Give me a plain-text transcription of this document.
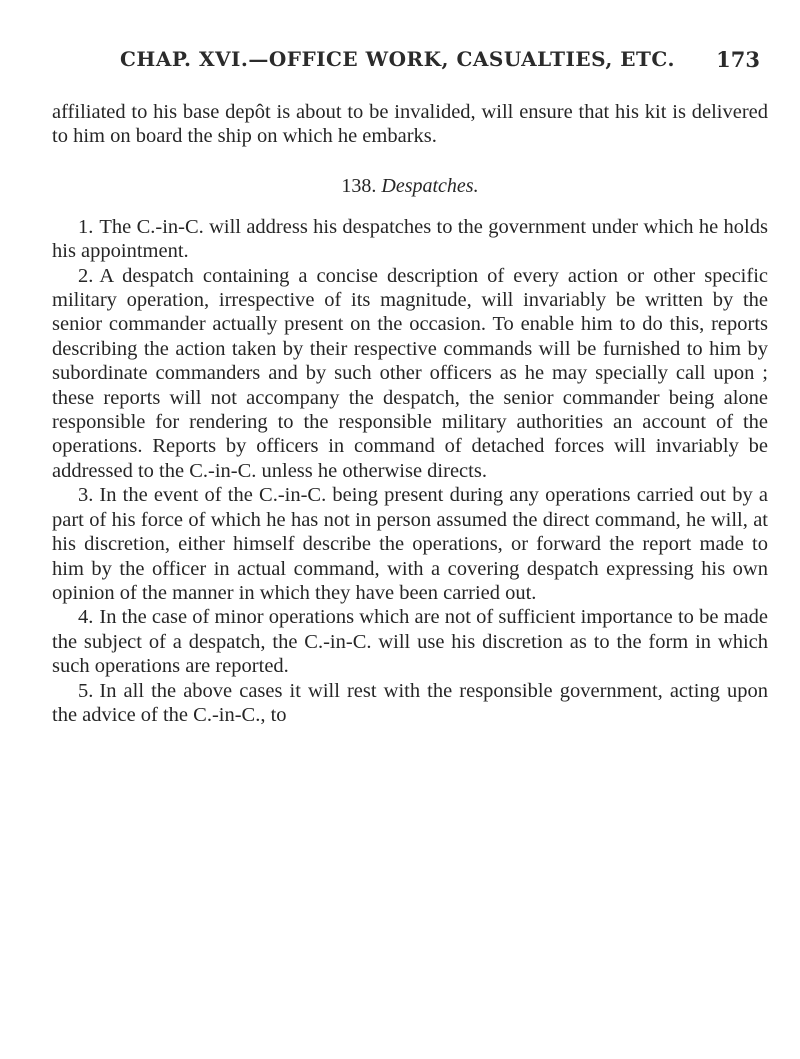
CHAP. XVI.—OFFICE WORK, CASUALTIES, ETC. 173

affiliated to his base depôt is about to be invalided, will ensure that his kit is delivered to him on board the ship on which he embarks.

138. Despatches.

1. The C.-in-C. will address his despatches to the government under which he holds his appointment.

2. A despatch containing a concise description of every action or other specific military operation, irrespective of its magnitude, will invariably be written by the senior commander actually present on the occasion. To enable him to do this, reports describing the action taken by their respective commands will be furnished to him by subordinate commanders and by such other officers as he may specially call upon ; these reports will not accompany the despatch, the senior commander being alone responsible for rendering to the responsible military authorities an account of the operations. Reports by officers in command of detached forces will invariably be addressed to the C.-in-C. unless he otherwise directs.

3. In the event of the C.-in-C. being present during any operations carried out by a part of his force of which he has not in person assumed the direct command, he will, at his discretion, either himself describe the operations, or forward the report made to him by the officer in actual command, with a covering despatch expressing his own opinion of the manner in which they have been carried out.

4. In the case of minor operations which are not of sufficient importance to be made the subject of a despatch, the C.-in-C. will use his discretion as to the form in which such operations are reported.

5. In all the above cases it will rest with the responsible government, acting upon the advice of the C.-in-C., to
